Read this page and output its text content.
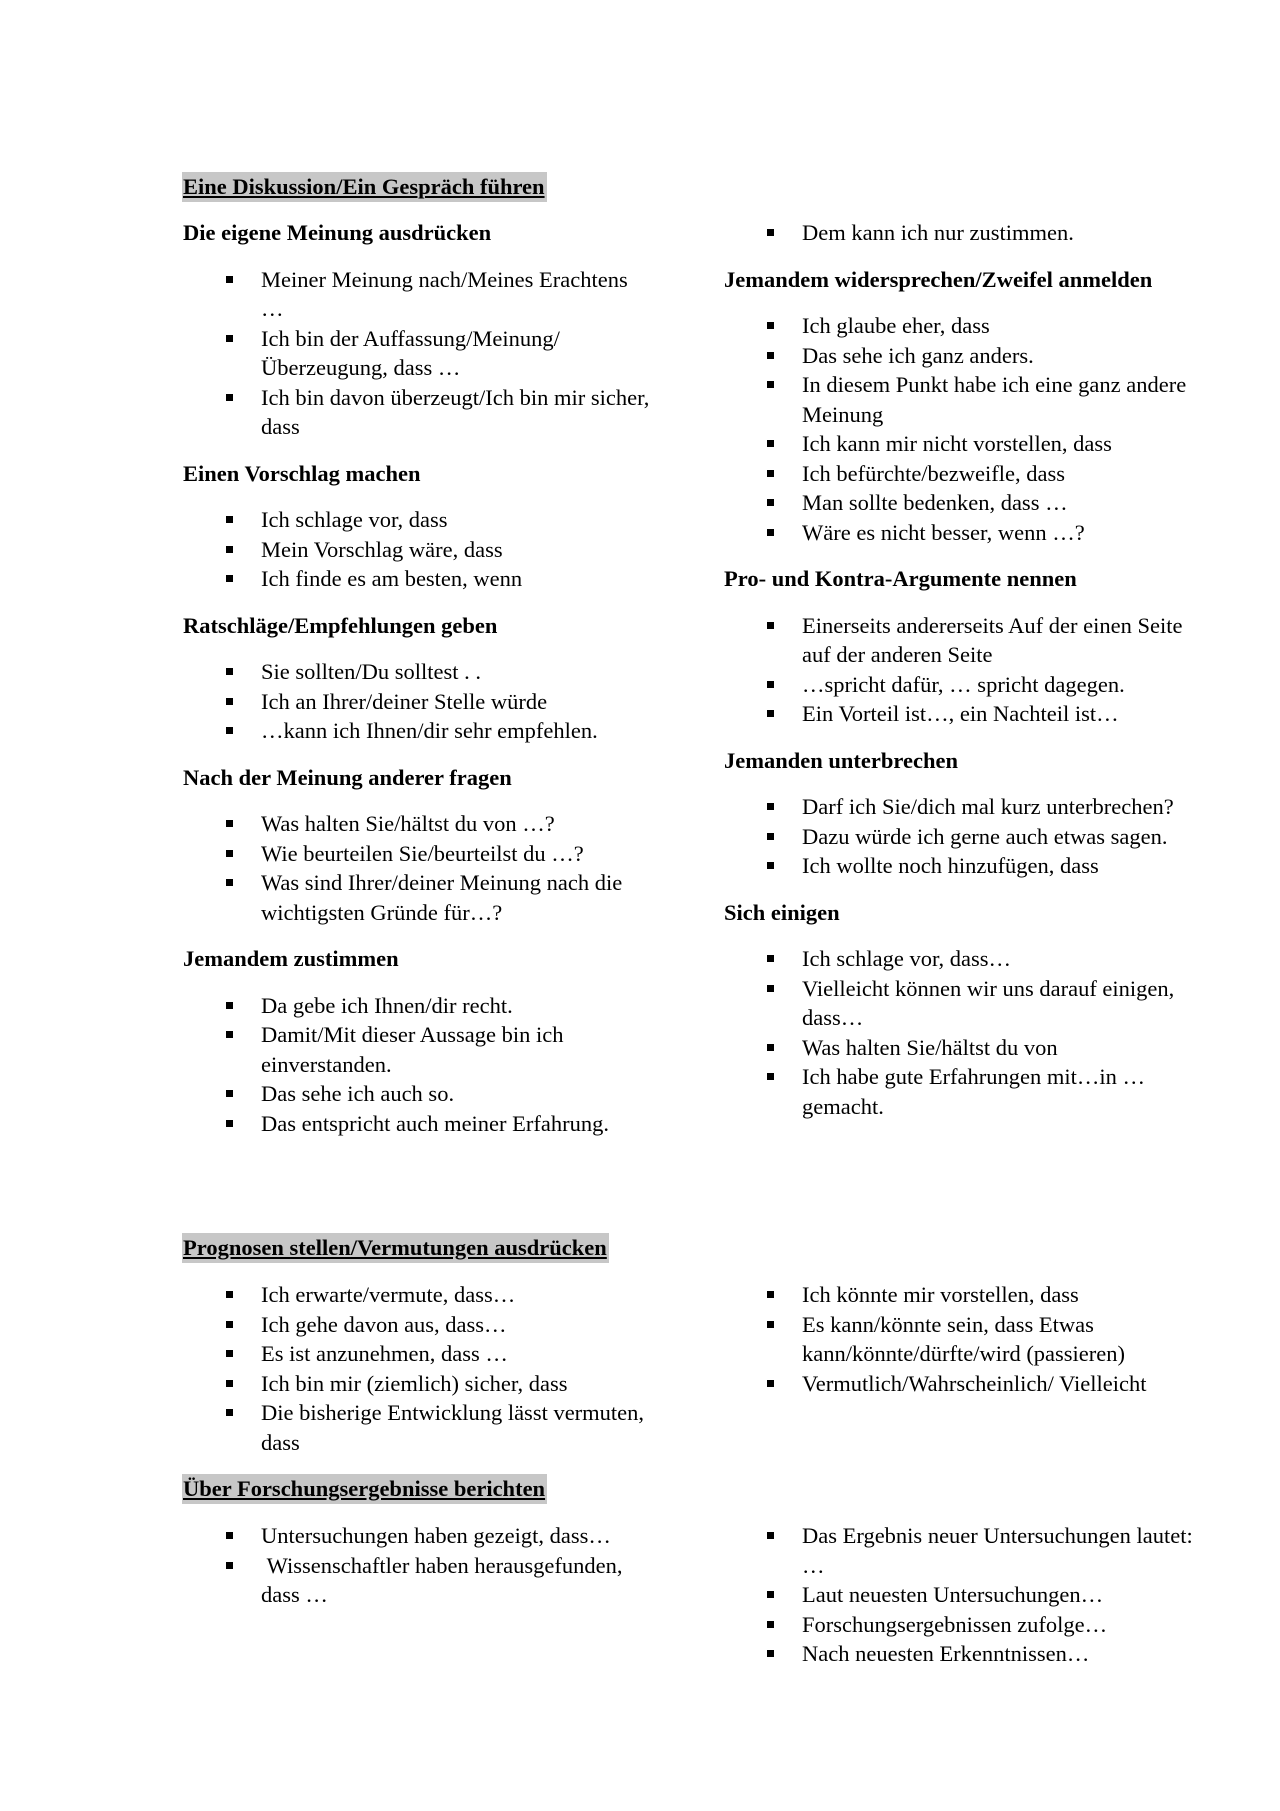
Eine Diskussion/Ein Gespräch führen
Die eigene Meinung ausdrücken
Meiner Meinung nach/Meines Erachtens …
Ich bin der Auffassung/Meinung/Überzeugung, dass …
Ich bin davon überzeugt/Ich bin mir sicher, dass
Einen Vorschlag machen
Ich schlage vor, dass
Mein Vorschlag wäre, dass
Ich finde es am besten, wenn
Ratschläge/Empfehlungen geben
Sie sollten/Du solltest . .
Ich an Ihrer/deiner Stelle würde
…kann ich Ihnen/dir sehr empfehlen.
Nach der Meinung anderer fragen
Was halten Sie/hältst du von …?
Wie beurteilen Sie/beurteilst du …?
Was sind Ihrer/deiner Meinung nach die wichtigsten Gründe für…?
Jemandem zustimmen
Da gebe ich Ihnen/dir recht.
Damit/Mit dieser Aussage bin ich einverstanden.
Das sehe ich auch so.
Das entspricht auch meiner Erfahrung.
Dem kann ich nur zustimmen.
Jemandem widersprechen/Zweifel anmelden
Ich glaube eher, dass
Das sehe ich ganz anders.
In diesem Punkt habe ich eine ganz andere Meinung
Ich kann mir nicht vorstellen, dass
Ich befürchte/bezweifle, dass
Man sollte bedenken, dass …
Wäre es nicht besser, wenn …?
Pro- und Kontra-Argumente nennen
Einerseits andererseits Auf der einen Seite auf der anderen Seite
…spricht dafür, … spricht dagegen.
Ein Vorteil ist…, ein Nachteil ist…
Jemanden unterbrechen
Darf ich Sie/dich mal kurz unterbrechen?
Dazu würde ich gerne auch etwas sagen.
Ich wollte noch hinzufügen, dass
Sich einigen
Ich schlage vor, dass…
Vielleicht können wir uns darauf einigen, dass…
Was halten Sie/hältst du von
Ich habe gute Erfahrungen mit…in … gemacht.
Prognosen stellen/Vermutungen ausdrücken
Ich erwarte/vermute, dass…
Ich gehe davon aus, dass…
Es ist anzunehmen, dass …
Ich bin mir (ziemlich) sicher, dass
Die bisherige Entwicklung lässt vermuten, dass
Ich könnte mir vorstellen, dass
Es kann/könnte sein, dass Etwas kann/könnte/dürfte/wird (passieren)
Vermutlich/Wahrscheinlich/ Vielleicht
Über Forschungsergebnisse berichten
Untersuchungen haben gezeigt, dass…
Wissenschaftler haben herausgefunden, dass …
Das Ergebnis neuer Untersuchungen lautet: …
Laut neuesten Untersuchungen…
Forschungsergebnissen zufolge…
Nach neuesten Erkenntnissen…
